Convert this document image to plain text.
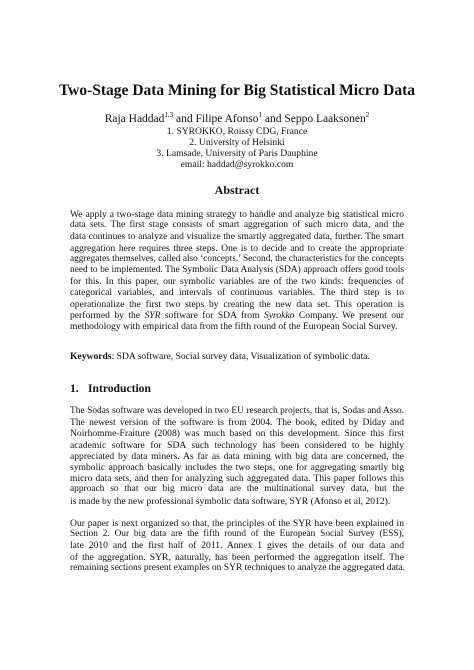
Two-Stage Data Mining for Big Statistical Micro Data
Raja Haddad$^{1,3}$ and Filipe Afonso$^1$ and Seppo Laaksonen$^2$
1. SYROKKO, Roissy CDG, France
2. University of Helsinki
3. Lamsade, University of Paris Dauphine
email: haddad@syrokko.com
Abstract
We apply a two-stage data mining strategy to handle and analyze big statistical micro
data sets. The first stage consists of smart aggregation of such micro data, and the
data continues to analyze and visualize the smartly aggregated data, further. The smart
aggregation here requires three steps. One is to decide and to create the appropriate
aggregates themselves, called also ‘concepts.’ Second, the characteristics for the concepts
need to be implemented. The Symbolic Data Analysis (SDA) approach offers good tools
for this. In this paper, our symbolic variables are of the two kinds: frequencies of
categorical variables, and intervals of continuous variables. The third step is to
operationalize the first two steps by creating the new data set. This operation is
performed by the SYR software for SDA from Syrokko Company. We present our
methodology with empirical data from the fifth round of the European Social Survey.
Keywords: SDA software, Social survey data, Visualization of symbolic data.
1. Introduction
The Sodas software was developed in two EU research projects, that is, Sodas and Asso.
The newest version of the software is from 2004. The book, edited by Diday and
Noirhomme-Fraiture (2008) was much based on this development. Since this first
academic software for SDA such technology has been considered to be highly
appreciated by data miners. As far as data mining with big data are concerned, the
symbolic approach basically includes the two steps, one for aggregating smartly big
micro data sets, and then for analyzing such aggregated data. This paper follows this
approach so that our big micro data are the multinational survey data, but the
is made by the new professional symbolic data software, SYR (Afonso et al, 2012).
Our paper is next organized so that, the principles of the SYR have been explained in
Section 2. Our big data are the fifth round of the European Social Survey (ESS),
late 2010 and the first half of 2011. Annex 1 gives the details of our data and
of the aggregation. SYR, naturally, has been performed the aggregation itself. The
remaining sections present examples on SYR techniques to analyze the aggregated data.
